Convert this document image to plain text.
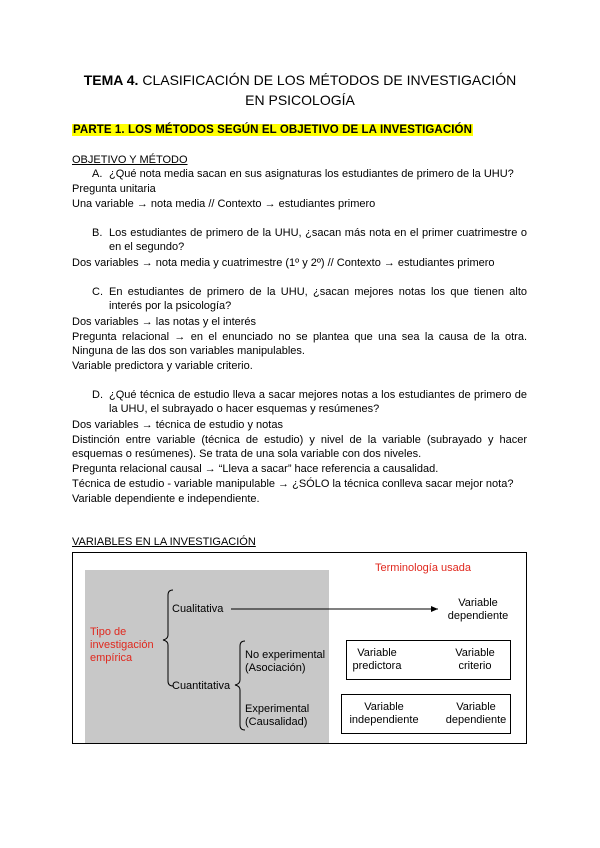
TEMA 4. CLASIFICACIÓN DE LOS MÉTODOS DE INVESTIGACIÓN
EN PSICOLOGÍA
PARTE 1. LOS MÉTODOS SEGÚN EL OBJETIVO DE LA INVESTIGACIÓN
OBJETIVO Y MÉTODO
A. ¿Qué nota media sacan en sus asignaturas los estudiantes de primero de la UHU?
Pregunta unitaria
Una variable → nota media // Contexto → estudiantes primero
B. Los estudiantes de primero de la UHU, ¿sacan más nota en el primer cuatrimestre o
en el segundo?
Dos variables → nota media y cuatrimestre (1º y 2º) // Contexto → estudiantes primero
C. En estudiantes de primero de la UHU, ¿sacan mejores notas los que tienen alto
interés por la psicología?
Dos variables → las notas y el interés
Pregunta relacional → en el enunciado no se plantea que una sea la causa de la otra.
Ninguna de las dos son variables manipulables.
Variable predictora y variable criterio.
D. ¿Qué técnica de estudio lleva a sacar mejores notas a los estudiantes de primero de
la UHU, el subrayado o hacer esquemas y resúmenes?
Dos variables → técnica de estudio y notas
Distinción entre variable (técnica de estudio) y nivel de la variable (subrayado y hacer
esquemas o resúmenes). Se trata de una sola variable con dos niveles.
Pregunta relacional causal → “Lleva a sacar” hace referencia a causalidad.
Técnica de estudio - variable manipulable → ¿SÓLO la técnica conlleva sacar mejor nota?
Variable dependiente e independiente.
VARIABLES EN LA INVESTIGACIÓN
Terminología usada
Tipo de
investigación
empírica
Cualitativa
Cuantitativa
No experimental
(Asociación)
Experimental
(Causalidad)
Variable
dependiente
Variable
predictora
Variable
criterio
Variable
independiente
Variable
dependiente
